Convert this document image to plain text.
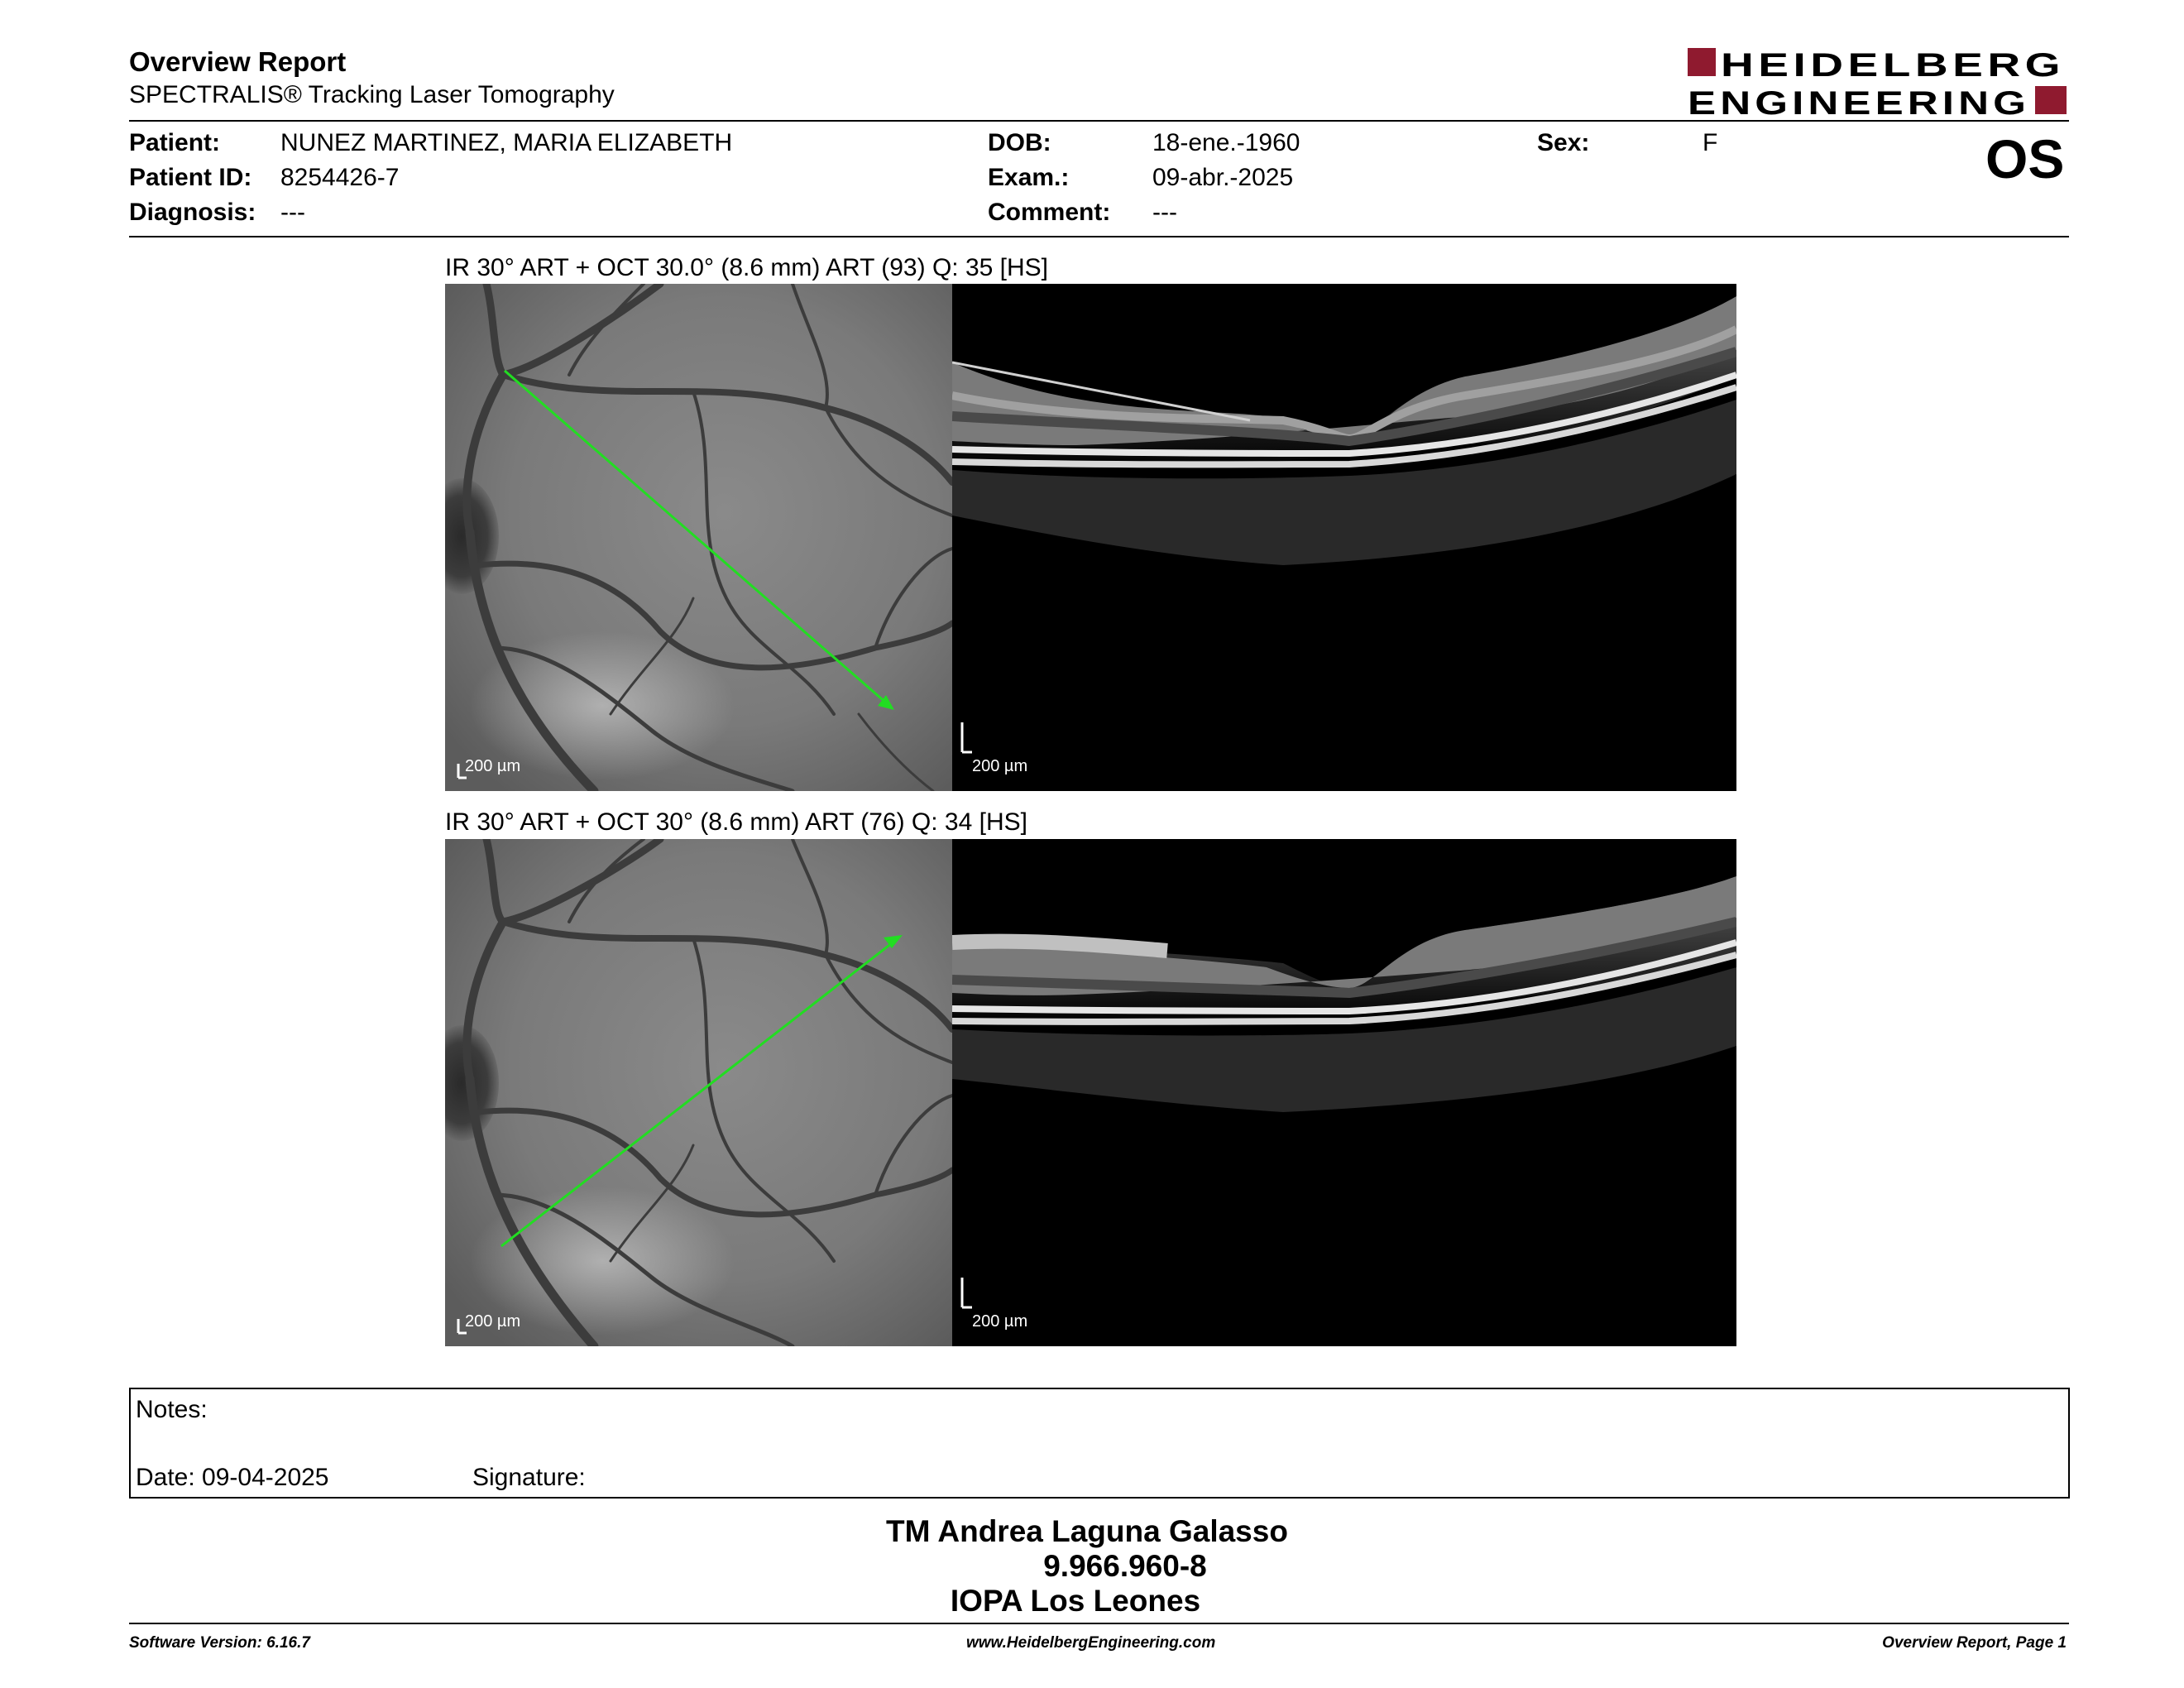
Overview Report
SPECTRALIS® Tracking Laser Tomography
HEIDELBERG
ENGINEERING
Patient: NUNEZ MARTINEZ, MARIA ELIZABETH
Patient ID: 8254426-7
Diagnosis: ---
DOB:	18-ene.-1960
Exam.:	09-abr.-2025
Comment: ---
Sex:	F	OS
IR 30° ART + OCT 30.0° (8.6 mm) ART (93) Q: 35 [HS]
200 µm	200 µm
IR 30° ART + OCT 30° (8.6 mm) ART (76) Q: 34 [HS]
200 µm	200 µm
Notes:
Date: 09-04-2025	Signature:
TM Andrea Laguna Galasso
9.966.960-8
IOPA Los Leones
Software Version: 6.16.7	www.HeidelbergEngineering.com	Overview Report, Page 1
